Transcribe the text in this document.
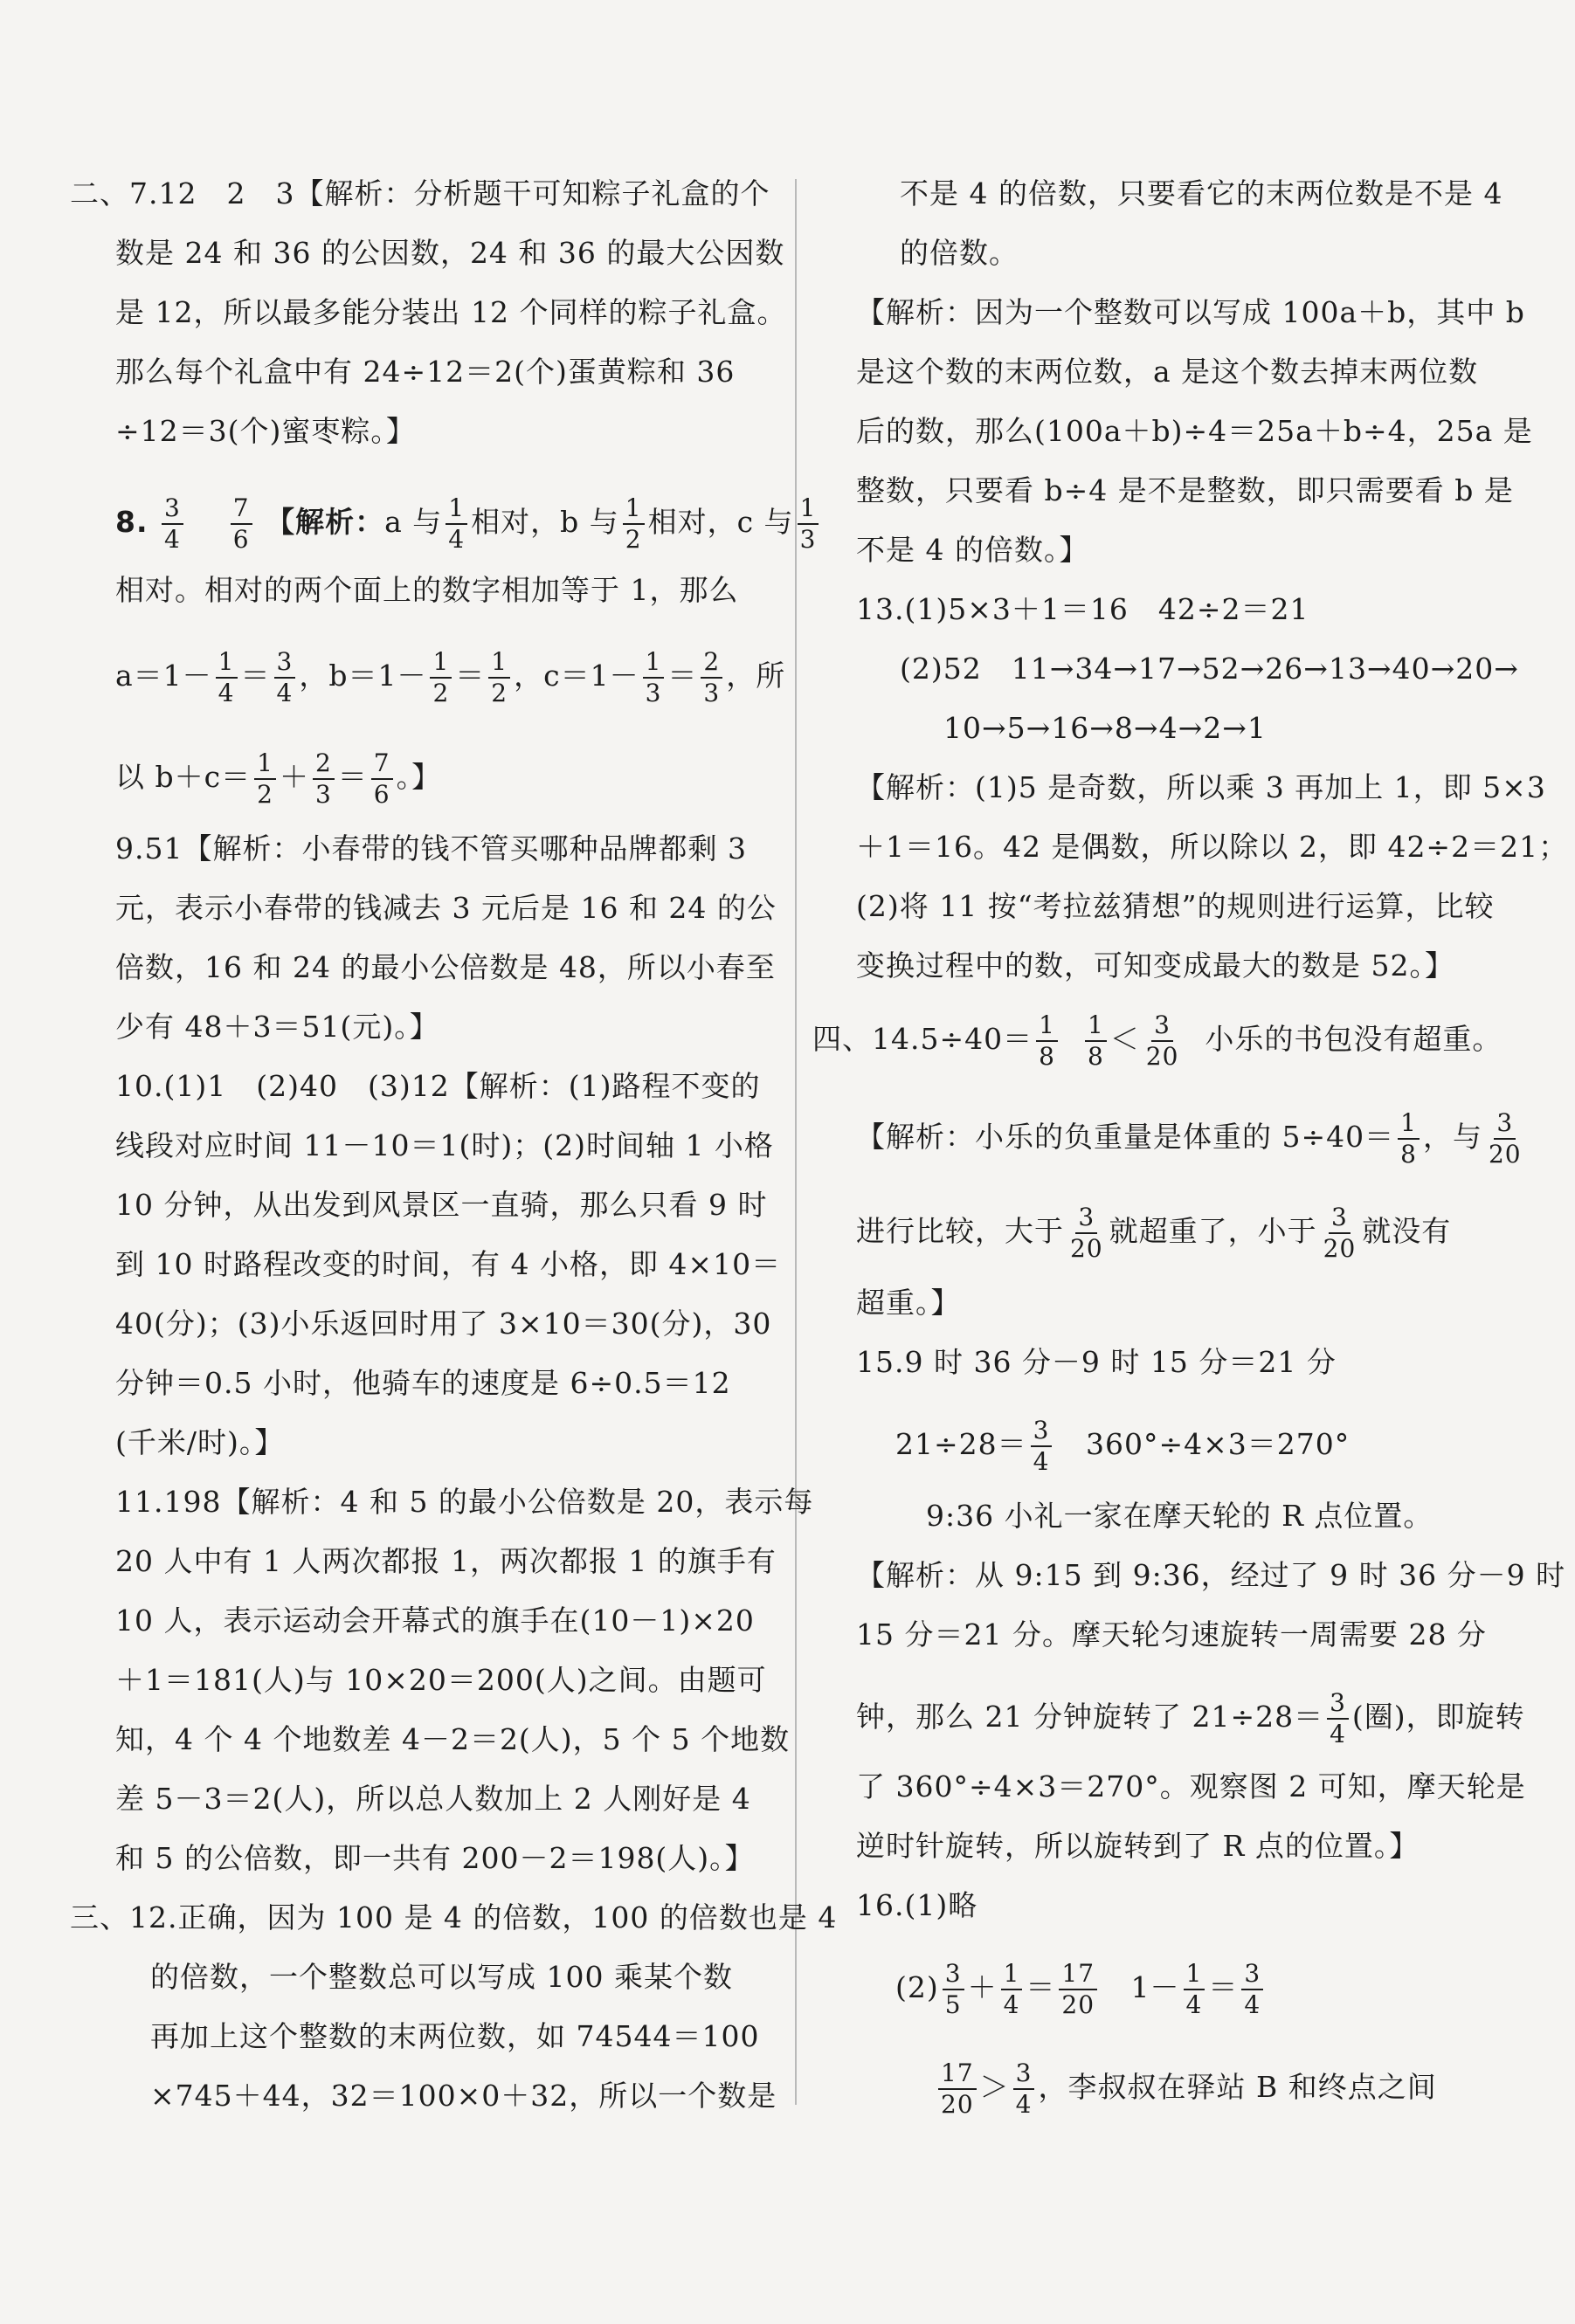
二、7.12　2　3【解析：分析题干可知粽子礼盒的个
数是 24 和 36 的公因数，24 和 36 的最大公因数
是 12，所以最多能分装出 12 个同样的粽子礼盒。
那么每个礼盒中有 24÷12＝2(个)蛋黄粽和 36
÷12＝3(个)蜜枣粽。】
8. $\frac{3}{4}$
$\frac{7}{6}$ 【解析：a 与 $\frac{1}{4}$ 相对，b 与 $\frac{1}{2}$ 相对，c 与 $\frac{1}{3}$
相对。相对的两个面上的数字相加等于 1，那么
$a=1- \frac{1}{4} = \frac{3}{4}$ ，$b=1- \frac{1}{2} = \frac{1}{2}$ ，$c=1- \frac{1}{3} = \frac{2}{3}$ ，所
以 $b+c= \frac{1}{2} + \frac{2}{3} = \frac{7}{6}$ 。】
9.51【解析：小春带的钱不管买哪种品牌都剩 3
元，表示小春带的钱减去 3 元后是 16 和 24 的公
倍数，16 和 24 的最小公倍数是 48，所以小春至
少有 48＋3＝51(元)。】
10.(1)1　(2)40　(3)12【解析：(1)路程不变的
线段对应时间 11－10＝1(时)；(2)时间轴 1 小格
10 分钟，从出发到风景区一直骑，那么只看 9 时
到 10 时路程改变的时间，有 4 小格，即 4×10＝
40(分)；(3)小乐返回时用了 3×10＝30(分)，30
分钟＝0.5 小时，他骑车的速度是 6÷0.5＝12
(千米/时)。】
11.198【解析：4 和 5 的最小公倍数是 20，表示每
20 人中有 1 人两次都报 1，两次都报 1 的旗手有
10 人，表示运动会开幕式的旗手在(10－1)×20
＋1＝181(人)与 10×20＝200(人)之间。由题可
知，4 个 4 个地数差 4－2＝2(人)，5 个 5 个地数
差 5－3＝2(人)，所以总人数加上 2 人刚好是 4
和 5 的公倍数，即一共有 200－2＝198(人)。】
三、12.正确，因为 100 是 4 的倍数，100 的倍数也是 4
的倍数，一个整数总可以写成 100 乘某个数
再加上这个整数的末两位数，如 74544＝100
×745＋44，32＝100×0＋32，所以一个数是
不是 4 的倍数，只要看它的末两位数是不是 4
的倍数。
【解析：因为一个整数可以写成 100a＋b，其中 b
是这个数的末两位数，a 是这个数去掉末两位数
后的数，那么(100a＋b)÷4＝25a＋b÷4，25a 是
整数，只要看 b÷4 是不是整数，即只需要看 b 是
不是 4 的倍数。】
13.(1)5×3＋1＝16　42÷2＝21
(2)52　11→34→17→52→26→13→40→20→
10→5→16→8→4→2→1
【解析：(1)5 是奇数，所以乘 3 再加上 1，即 5×3
＋1＝16。42 是偶数，所以除以 2，即 42÷2＝21；
(2)将 11 按“考拉兹猜想”的规则进行运算，比较
变换过程中的数，可知变成最大的数是 52。】
四、$14.5\div 40= \frac{1}{8}$
$\frac{1}{8} < \frac{3}{20}$ 小乐的书包没有超重。
【解析：小乐的负重量是体重的 $5\div 40= \frac{1}{8}$ ，与 $\frac{3}{20}$
进行比较，大于 $\frac{3}{20}$ 就超重了，小于 $\frac{3}{20}$ 就没有
超重。】
15.9 时 36 分－9 时 15 分＝21 分
$21\div 28= \frac{3}{4} 360^\circ\div 4\times 3=270^\circ$
9:36 小礼一家在摩天轮的 R 点位置。
【解析：从 9:15 到 9:36，经过了 9 时 36 分－9 时
15 分＝21 分。摩天轮匀速旋转一周需要 28 分
钟，那么 21 分钟旋转了 $21\div 28= \frac{3}{4}$ (圈)，即旋转
了 360°÷4×3＝270°。观察图 2 可知，摩天轮是
逆时针旋转，所以旋转到了 R 点的位置。】
16.(1)略
$(2) \frac{3}{5} + \frac{1}{4} = \frac{17}{20} 1- \frac{1}{4} = \frac{3}{4}$
$\frac{17}{20} > \frac{3}{4}$ ，李叔叔在驿站 B 和终点之间
